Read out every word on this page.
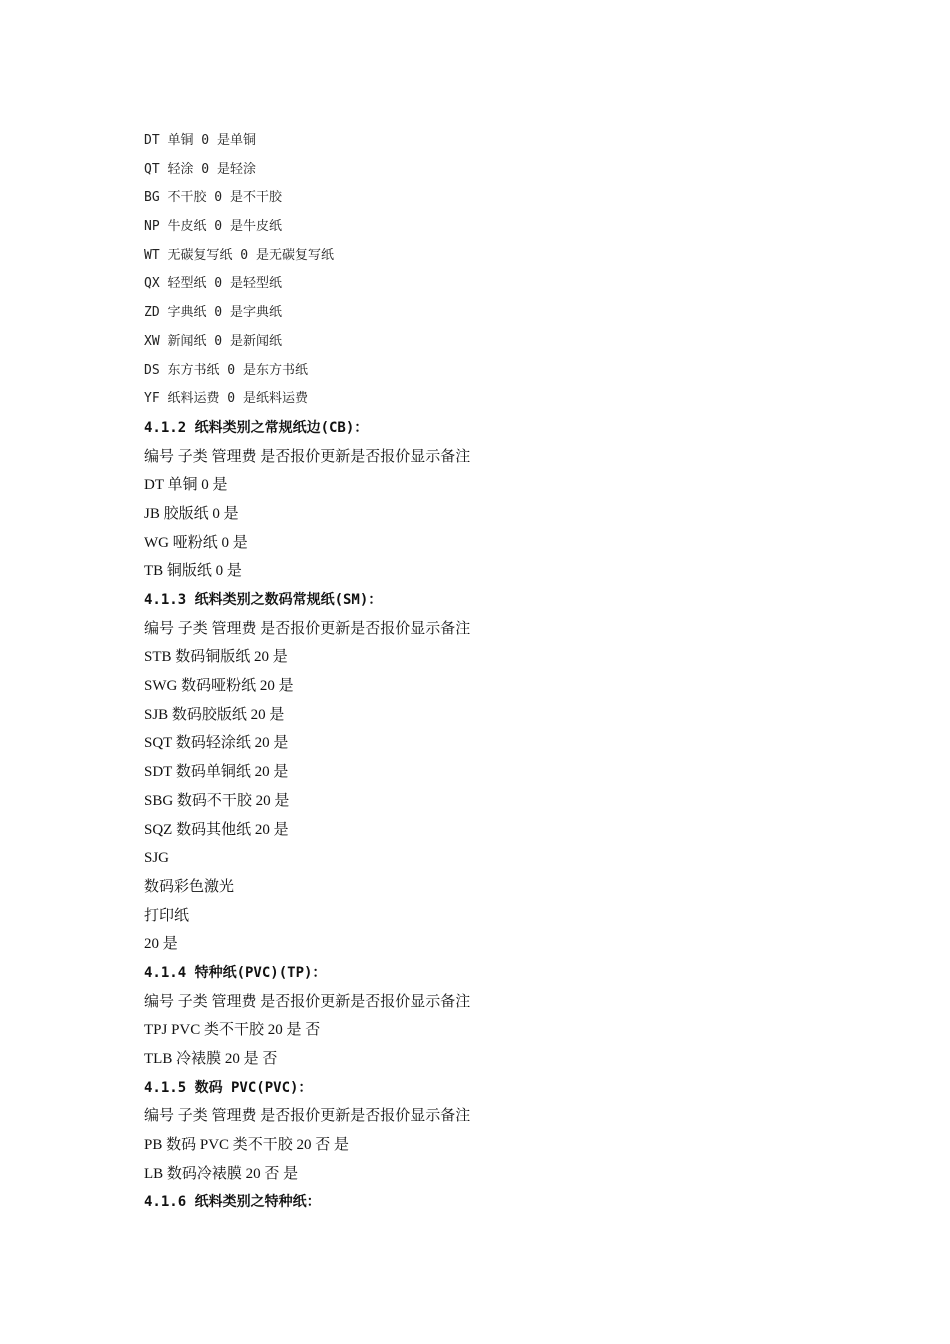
DT 单铜 0 是单铜
QT 轻涂 0 是轻涂
BG 不干胶 0 是不干胶
NP 牛皮纸 0 是牛皮纸
WT 无碳复写纸 0 是无碳复写纸
QX 轻型纸 0 是轻型纸
ZD 字典纸 0 是字典纸
XW 新闻纸 0 是新闻纸
DS 东方书纸 0 是东方书纸
YF 纸料运费 0 是纸料运费
4.1.2 纸料类别之常规纸边(CB)：
编号 子类 管理费 是否报价更新是否报价显示备注
DT 单铜 0 是
JB 胶版纸 0 是
WG 哑粉纸 0 是
TB 铜版纸 0 是
4.1.3 纸料类别之数码常规纸(SM)：
编号 子类 管理费 是否报价更新是否报价显示备注
STB 数码铜版纸 20 是
SWG 数码哑粉纸 20 是
SJB 数码胶版纸 20 是
SQT 数码轻涂纸 20 是
SDT 数码单铜纸 20 是
SBG 数码不干胶 20 是
SQZ 数码其他纸 20 是
SJG
数码彩色激光
打印纸
20 是
4.1.4 特种纸(PVC)(TP)：
编号 子类 管理费 是否报价更新是否报价显示备注
TPJ PVC 类不干胶 20 是 否
TLB 冷裱膜 20 是 否
4.1.5 数码 PVC(PVC)：
编号 子类 管理费 是否报价更新是否报价显示备注
PB 数码 PVC 类不干胶 20 否 是
LB 数码冷裱膜 20 否 是
4.1.6 纸料类别之特种纸：
